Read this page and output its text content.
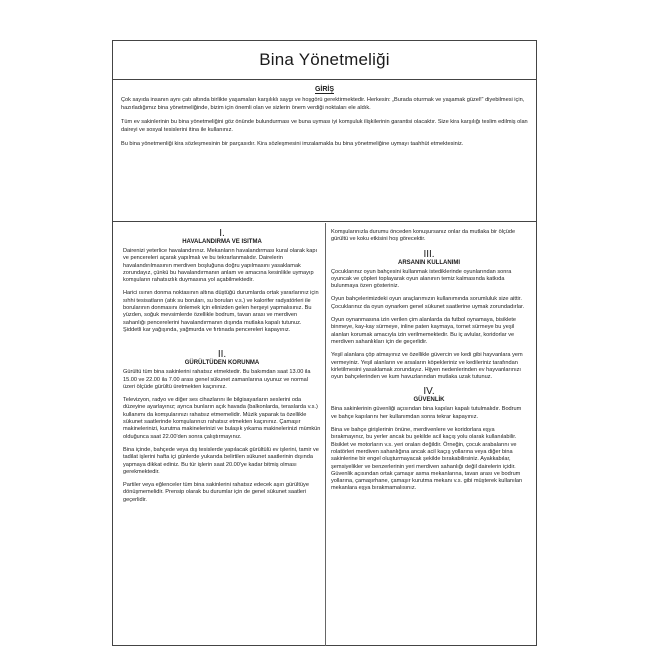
Bina Yönetmeliği
GİRİŞ

Çok sayıda insanın aynı çatı altında birlikte yaşamaları karşılıklı saygı ve hoşgörü gerektirmektedir. Herkesin: „Burada oturmak ve yaşamak güzel!“ diyebilmesi için, hazırladığımız bina yönetmeliğinde, bizim için önemli olan ve sizlerin önem verdiği noktaları ele aldık.

Tüm ev sakinlerinin bu bina yönetmeliğini göz önünde bulundurması ve buna uyması iyi komşuluk ilişkilerinin garantisi olacaktır. Size kira karşılığı teslim edilmiş olan daireyi ve sosyal tesislerini itina ile kullanınız.

Bu bina yönetmenliği kira sözleşmesinin bir parçasıdır. Kira sözleşmesini imzalamakla bu bina yönetmeliğine uymayı taahhüt etmektesiniz.

I.
HAVALANDIRMA VE ISITMA

Dairenizi yeterlice havalandırınız. Mekanların havalandırması kural olarak kapı ve pencereleri açarak yapılmalı ve bu tekrarlanmalıdır. Dairelerin havalandırılmasının merdiven boşluğuna doğru yapılmasını yasaklamak zorundayız, çünkü bu havalandırmanın anlam ve amacına kesinlikle uymayıp komşuların rahatsızlık duymasına yol açabilmektedir.

Harici ısının donma noktasının altına düştüğü durumlarda ortak yararlarınız için sıhhi tesisatların (atık su boruları, su boruları v.s.) ve kalorifer radyatörleri ile borularının donmasını önlemek için elinizden gelen herşeyi yapmalısınız. Bu yüzden, soğuk mevsimlerde özellikle bodrum, tavan arası ve merdiven sahanlığı pencerelerini havalandırmanın dışında mutlaka kapalı tutunuz. Şiddetli kar yağışında, yağmurda ve fırtınada pencereleri kapayınız.

II.
GÜRÜLTÜDEN KORUNMA

Gürültü tüm bina sakinlerini rahatsız etmektedir. Bu bakımdan saat 13.00 ila 15.00 ve 22.00 ila 7.00 arası genel sükunet zamanlarına uyunuz ve normal üzeri ölçüde gürültü üretmekten kaçınınız.

Televizyon, radyo ve diğer ses cihazlarını ile bilgisayarların seslerini oda düzeyine ayarlayınız; ayrıca bunların açık havada (balkonlarda, teraslarda v.s.) kullanımı da komşularınızı rahatsız etmemelidir. Müzik yaparak ta özellikle sükunet saatlerinde komşularınızı rahatsız etmekten kaçınınız. Çamaşır makinelerinizi, kurutma makinelerinizi ve bulaşık yıkama makinelerinizi mümkün olduğunca saat 22.00'den sonra çalıştırmayınız.

Bina içinde, bahçede veya dış tesislerde yapılacak gürültülü ev işlerini, tamir ve tadilat işlerini hafta içi günlerde yukarıda belirtilen sükunet saatlerinin dışında yapmaya dikkat ediniz. Bu tür işlerin saat 20.00'ye kadar bitmiş olması gerekmektedir.

Partiler veya eğlenceler tüm bina sakinlerini rahatsız edecek aşırı gürültüye dönüşmemelidir. Prensip olarak bu durumlar için de genel sükunet saatleri geçerlidir.

Komşularınızla durumu önceden konuşursanız onlar da mutlaka bir ölçüde gürültü ve koku etkisini hoş görecektir.

III.
ARSANIN KULLANIMI

Çocuklarınız oyun bahçesini kullanmak istediklerinde oyunlarından sonra oyuncak ve çöpleri toplayarak oyun alanının temiz kalmasında katkıda bulunmaya özen gösteriniz.

Oyun bahçelerimizdeki oyun araçlarımızın kullanımında sorumluluk size aittir. Çocuklarınız da oyun oynarken genel sükunet saatlerine uymak zorundadırlar.

Oyun oynanmasına izin verilen çim alanlarda da futbol oynamaya, bisiklete binmeye, kay-kay sürmeye, inline paten kaymaya, tornet sürmeye bu yeşil alanları korumak amacıyla izin verilmemektedir. Bu iç avlular, koridorlar ve merdiven sahanlıkları için de geçerlidir.

Yeşil alanlara çöp atmayınız ve özellikle güvercin ve kedi gibi hayvanlara yem vermeyiniz. Yeşil alanların ve arsaların köpekleriniz ve kedileriniz tarafından kirletilmesini yasaklamak zorundayız. Hijyen nedenlerinden ev hayvanlarınızı oyun bahçelerinden ve kum havuzlarından mutlaka uzak tutunuz.

IV.
GÜVENLİK

Bina sakinlerinin güvenliği açısından bina kapıları kapalı tutulmalıdır. Bodrum ve bahçe kapılarını her kullanımdan sonra tekrar kapayınız.

Bina ve bahçe girişlerinin önüne, merdivenlere ve koridorlara eşya bırakmayınız, bu yerler ancak bu şekilde acil kaçış yolu olarak kullanılabilir. Bisiklet ve motorların v.s. yeri oraları değildir. Örneğin, çocuk arabalarını ve rolatörleri merdiven sahanlığına ancak acil kaçış yollarına veya diğer bina sakinlerine bir engel oluşturmayacak şekilde bırakabilirsiniz. Ayakkabılar, şemsiyelikler ve benzerlerinin yeri merdiven sahanlığı değil dairelerin içidir. Güvenlik açısından ortak çamaşır asma mekanlarına, tavan arası ve bodrum yollarına, çamaşırhane, çamaşır kurutma mekanı v.s. gibi müşterek kullanılan mekanlara eşya bırakmamalısınız.
